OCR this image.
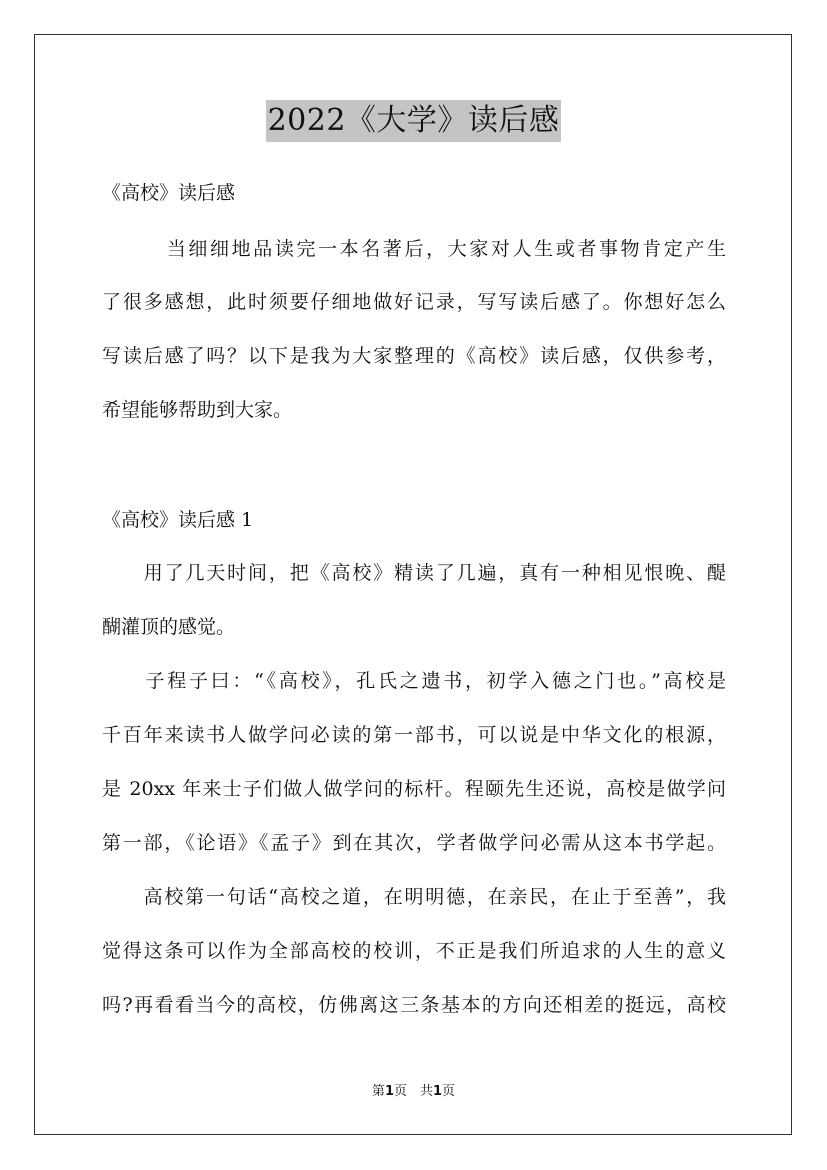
2022《大学》读后感
《高校》读后感
　　　当细细地品读完一本名著后，大家对人生或者事物肯定产生
了很多感想，此时须要仔细地做好记录，写写读后感了。你想好怎么
写读后感了吗？以下是我为大家整理的《高校》读后感，仅供参考，
希望能够帮助到大家。
《高校》读后感 1
　　用了几天时间，把《高校》精读了几遍，真有一种相见恨晚、醍
醐灌顶的感觉。
　　子程子曰：“《高校》，孔氏之遗书，初学入德之门也。”高校是
千百年来读书人做学问必读的第一部书，可以说是中华文化的根源，
是 20xx 年来士子们做人做学问的标杆。程颐先生还说，高校是做学问
第一部，《论语》《孟子》到在其次，学者做学问必需从这本书学起。
　　高校第一句话“高校之道，在明明德，在亲民，在止于至善”，我
觉得这条可以作为全部高校的校训，不正是我们所追求的人生的意义
吗?再看看当今的高校，仿佛离这三条基本的方向还相差的挺远，高校
第1页　共1页
